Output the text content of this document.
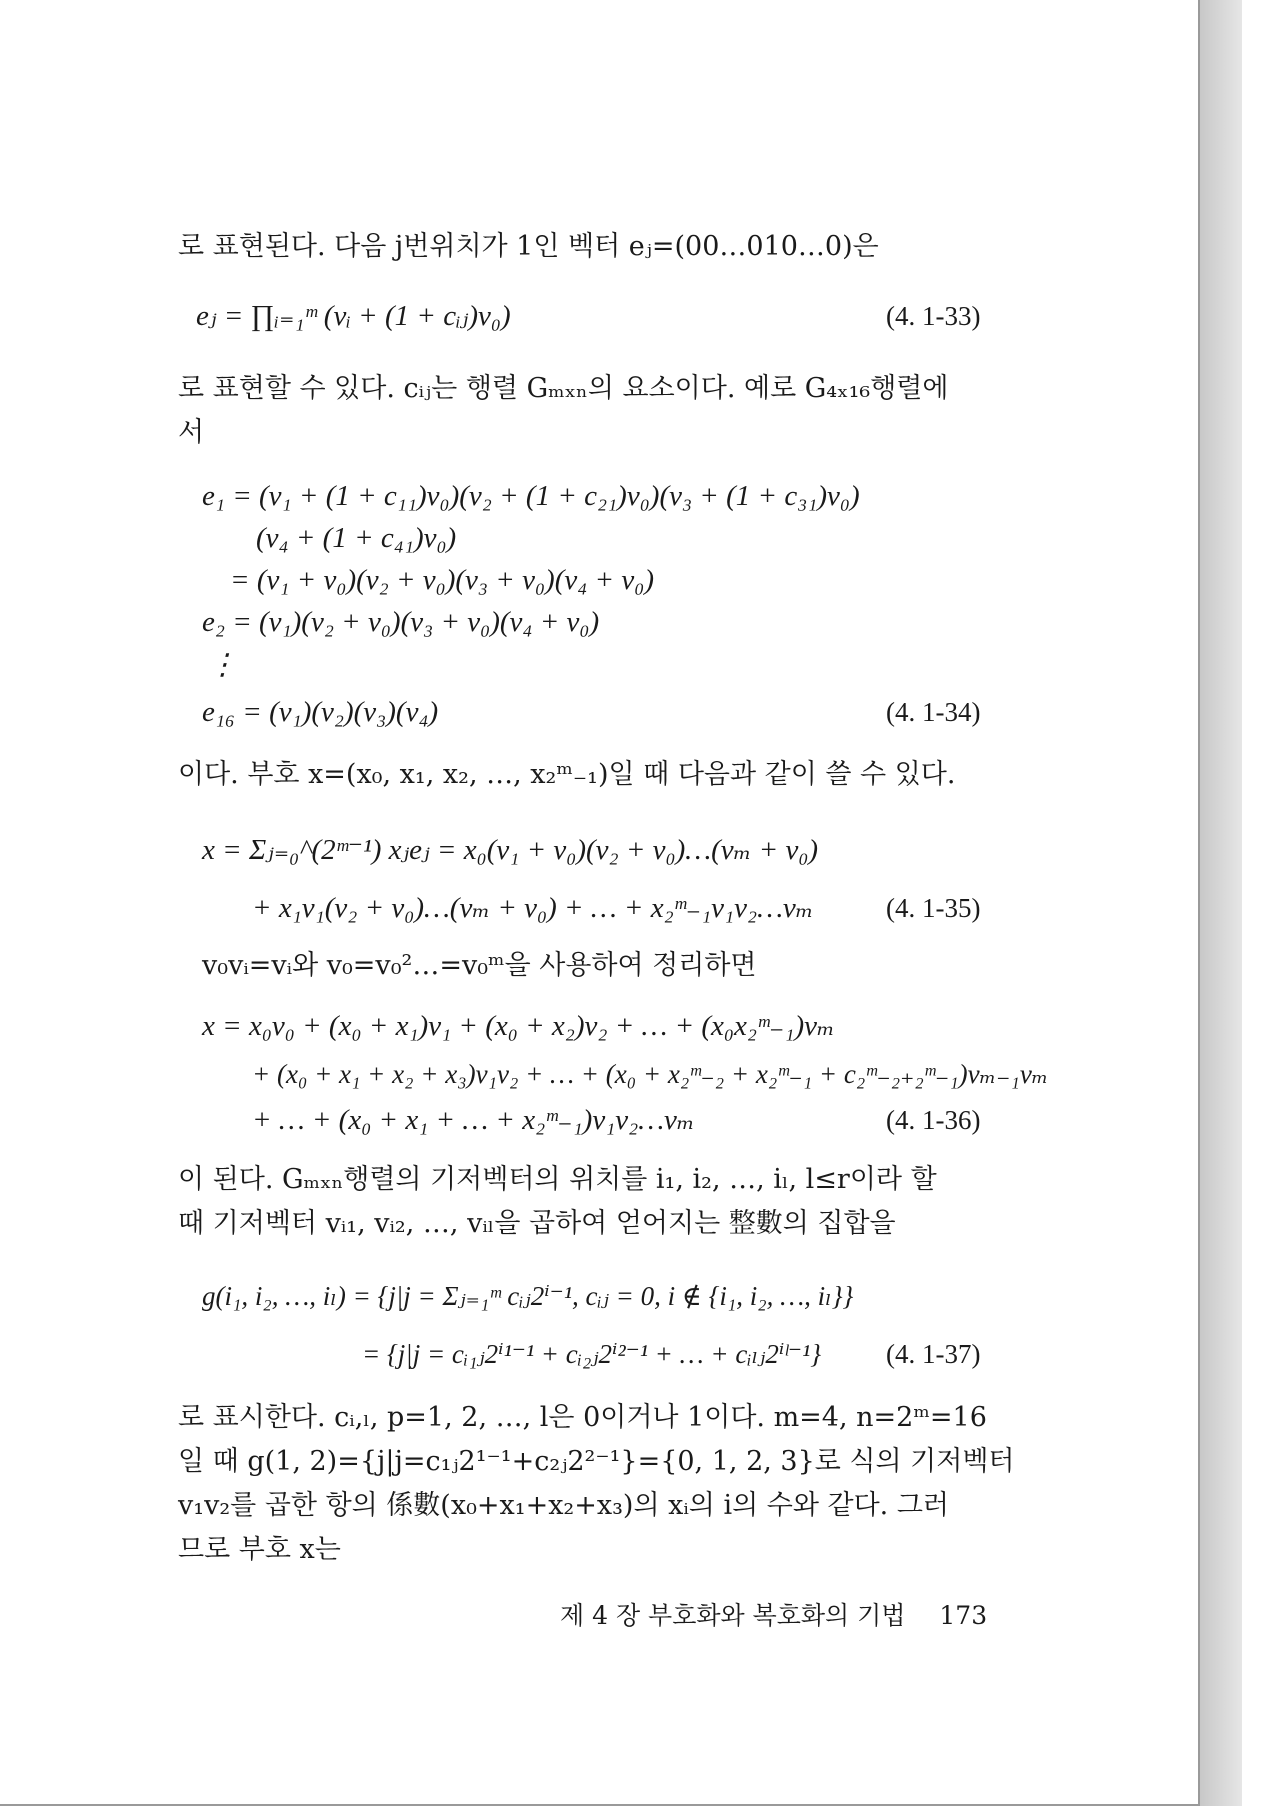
로 표현된다. 다음 j번위치가 1인 벡터 eⱼ=(00…010…0)은
eⱼ = ∏ᵢ₌₁ᵐ (vᵢ + (1 + cᵢⱼ)v₀)	(4. 1-33)
로 표현할 수 있다. cᵢⱼ는 행렬 Gₘₓₙ의 요소이다. 예로 G₄ₓ₁₆행렬에
서
e₁ = (v₁ + (1 + c₁₁)v₀)(v₂ + (1 + c₂₁)v₀)(v₃ + (1 + c₃₁)v₀)
(v₄ + (1 + c₄₁)v₀)
= (v₁ + v₀)(v₂ + v₀)(v₃ + v₀)(v₄ + v₀)
e₂ = (v₁)(v₂ + v₀)(v₃ + v₀)(v₄ + v₀)
⋮
e₁₆ = (v₁)(v₂)(v₃)(v₄)	(4. 1-34)
이다. 부호 x=(x₀, x₁, x₂, …, x₂ᵐ₋₁)일 때 다음과 같이 쓸 수 있다.
x = Σⱼ₌₀^(2ᵐ⁻¹) xⱼeⱼ = x₀(v₁ + v₀)(v₂ + v₀)…(vₘ + v₀)
+ x₁v₁(v₂ + v₀)…(vₘ + v₀) + … + x₂ᵐ₋₁v₁v₂…vₘ	(4. 1-35)
v₀vᵢ=vᵢ와 v₀=v₀²…=v₀ᵐ을 사용하여 정리하면
x = x₀v₀ + (x₀ + x₁)v₁ + (x₀ + x₂)v₂ + … + (x₀x₂ᵐ₋₁)vₘ
+ (x₀ + x₁ + x₂ + x₃)v₁v₂ + … + (x₀ + x₂ᵐ₋₂ + x₂ᵐ₋₁ + c₂ᵐ₋₂₊₂ᵐ₋₁)vₘ₋₁vₘ
+ … + (x₀ + x₁ + … + x₂ᵐ₋₁)v₁v₂…vₘ	(4. 1-36)
이 된다. Gₘₓₙ행렬의 기저벡터의 위치를 i₁, i₂, …, iₗ, l≤r이라 할
때 기저벡터 vᵢ₁, vᵢ₂, …, vᵢₗ을 곱하여 얻어지는 整數의 집합을
g(i₁, i₂, …, iₗ) = {j|j = Σⱼ₌₁ᵐ cᵢⱼ2ⁱ⁻¹, cᵢⱼ = 0, i ∉ {i₁, i₂, …, iₗ}}
= {j|j = cᵢ₁ⱼ2ⁱ¹⁻¹ + cᵢ₂ⱼ2ⁱ²⁻¹ + … + cᵢₗⱼ2ⁱˡ⁻¹} (4. 1-37)
로 표시한다. cᵢ,ₗ, p=1, 2, …, l은 0이거나 1이다. m=4, n=2ᵐ=16
일 때 g(1, 2)={j|j=c₁ⱼ2¹⁻¹+c₂ⱼ2²⁻¹}={0, 1, 2, 3}로 식의 기저벡터
v₁v₂를 곱한 항의 係數(x₀+x₁+x₂+x₃)의 xᵢ의 i의 수와 같다. 그러
므로 부호 x는
제 4 장 부호화와 복호화의 기법 173
